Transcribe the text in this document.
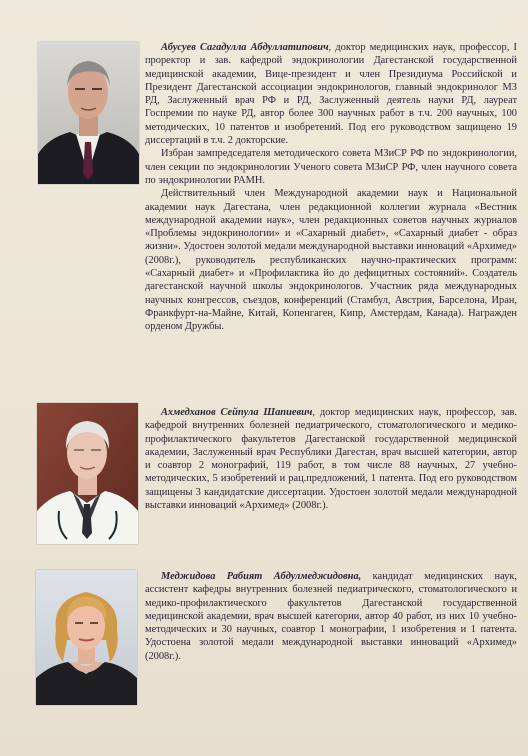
Абусуев Сагадулла Абдуллатипович, доктор медицинских наук, профессор, I проректор и зав. кафедрой эндокринологии Дагестанской государственной медицинской академии, Вице-президент и член Президиума Российской и Президент Дагестанской ассоциации эндокринологов, главный эндокринолог МЗ РД, Заслуженный врач РФ и РД, Заслуженный деятель науки РД, лауреат Госпремии по науке РД, автор более 300 научных работ в т.ч. 200 научных, 100 методических, 10 патентов и изобретений. Под его руководством защищено 19 диссертаций в т.ч. 2 докторские.

Избран зампредседателя методического совета МЗиСР РФ по эндокринологии, член секции по эндокринологии Ученого совета МЗиСР РФ, член научного совета по эндокринологии РАМН.

Действительный член Международной академии наук и Национальной академии наук Дагестана, член редакционной коллегии журнала «Вестник международной академии наук», член редакционных советов научных журналов «Проблемы эндокринологии» и «Сахарный диабет», «Сахарный диабет - образ жизни». Удостоен золотой медали международной выставки инноваций «Архимед» (2008г.), руководитель республиканских научно-практических программ: «Сахарный диабет» и «Профилактика йо до дефицитных состояний». Создатель дагестанской научной школы эндокринологов. Участник ряда международных научных конгрессов, съездов, конференций (Стамбул, Австрия, Барселона, Иран, Франкфурт-на-Майне, Китай, Копенгаген, Кипр, Амстердам, Канада). Награжден орденом Дружбы.

Ахмедханов Сейпула Шапиевич, доктор медицинских наук, профессор, зав. кафедрой внутренних болезней педиатрического, стоматологического и медико-профилактического факультетов Дагестанской государственной медицинской академии, Заслуженный врач Республики Дагестан, врач высшей категории, автор и соавтор 2 монографий, 119 работ, в том числе 88 научных, 27 учебно-методических, 5 изобретений и рац.предложений, 1 патента. Под его руководством защищены 3 кандидатские диссертации. Удостоен золотой медали международной выставки инноваций «Архимед» (2008г.).

Меджидова Рабият Абдулмеджидовна, кандидат медицинских наук, ассистент кафедры внутренних болезней педиатрического, стоматологического и медико-профилактического факультетов Дагестанской государственной медицинской академии, врач высшей категории, автор 40 работ, из них 10 учебно-методических и 30 научных, соавтор 1 монографии, 1 изобретения и 1 патента. Удостоена золотой медали международной выставки инноваций «Архимед» (2008г.).
